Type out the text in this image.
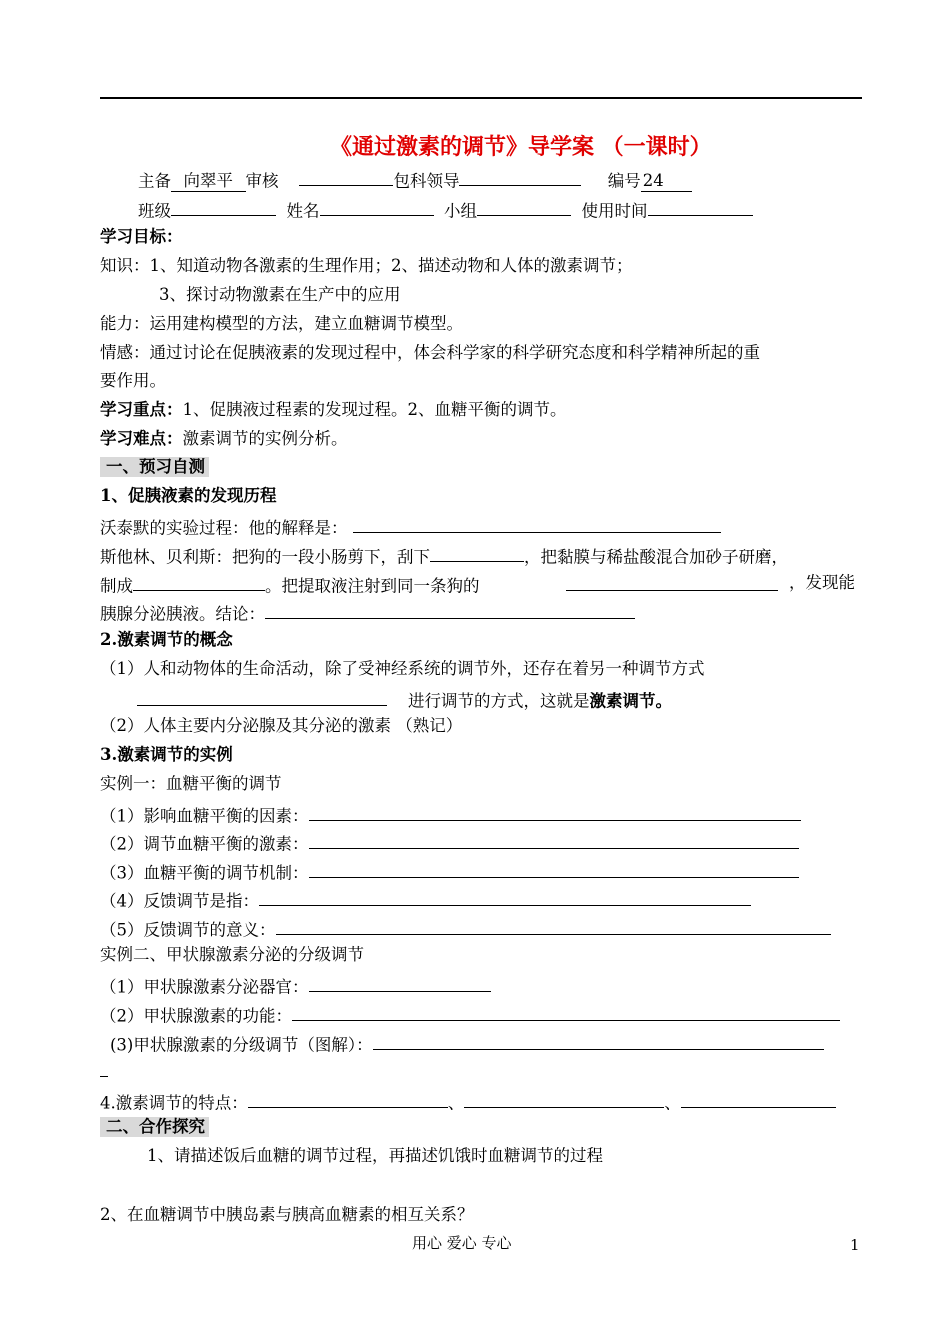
《通过激素的调节》导学案 （一课时）
主备 向翠平 审核	包科领导	编号 24
班级	姓名	小组	使用时间
学习目标：
知识：1、知道动物各激素的生理作用；2、描述动物和人体的激素调节；
3、探讨动物激素在生产中的应用
能力：运用建构模型的方法，建立血糖调节模型。
情感：通过讨论在促胰液素的发现过程中，体会科学家的科学研究态度和科学精神所起的重
要作用。
学习重点：1、促胰液过程素的发现过程。2、血糖平衡的调节。
学习难点：激素调节的实例分析。
一、预习自测
1、促胰液素的发现历程
沃泰默的实验过程：他的解释是：
斯他林、贝利斯：把狗的一段小肠剪下，刮下	，把黏膜与稀盐酸混合加砂子研磨，
制成	。把提取液注射到同一条狗的	，发现能
胰腺分泌胰液。结论：
2.激素调节的概念
（1）人和动物体的生命活动，除了受神经系统的调节外，还存在着另一种调节方式
进行调节的方式，这就是激素调节。
（2）人体主要内分泌腺及其分泌的激素 （熟记）
3.激素调节的实例
实例一：血糖平衡的调节
（1）影响血糖平衡的因素：
（2）调节血糖平衡的激素：
（3）血糖平衡的调节机制：
（4）反馈调节是指：
（5）反馈调节的意义：
实例二、甲状腺激素分泌的分级调节
（1）甲状腺激素分泌器官：
（2）甲状腺激素的功能：
(3)甲状腺激素的分级调节（图解）：
4.激素调节的特点：	、	、
二、合作探究
1、请描述饭后血糖的调节过程，再描述饥饿时血糖调节的过程
2、在血糖调节中胰岛素与胰高血糖素的相互关系？
用心 爱心 专心	1
